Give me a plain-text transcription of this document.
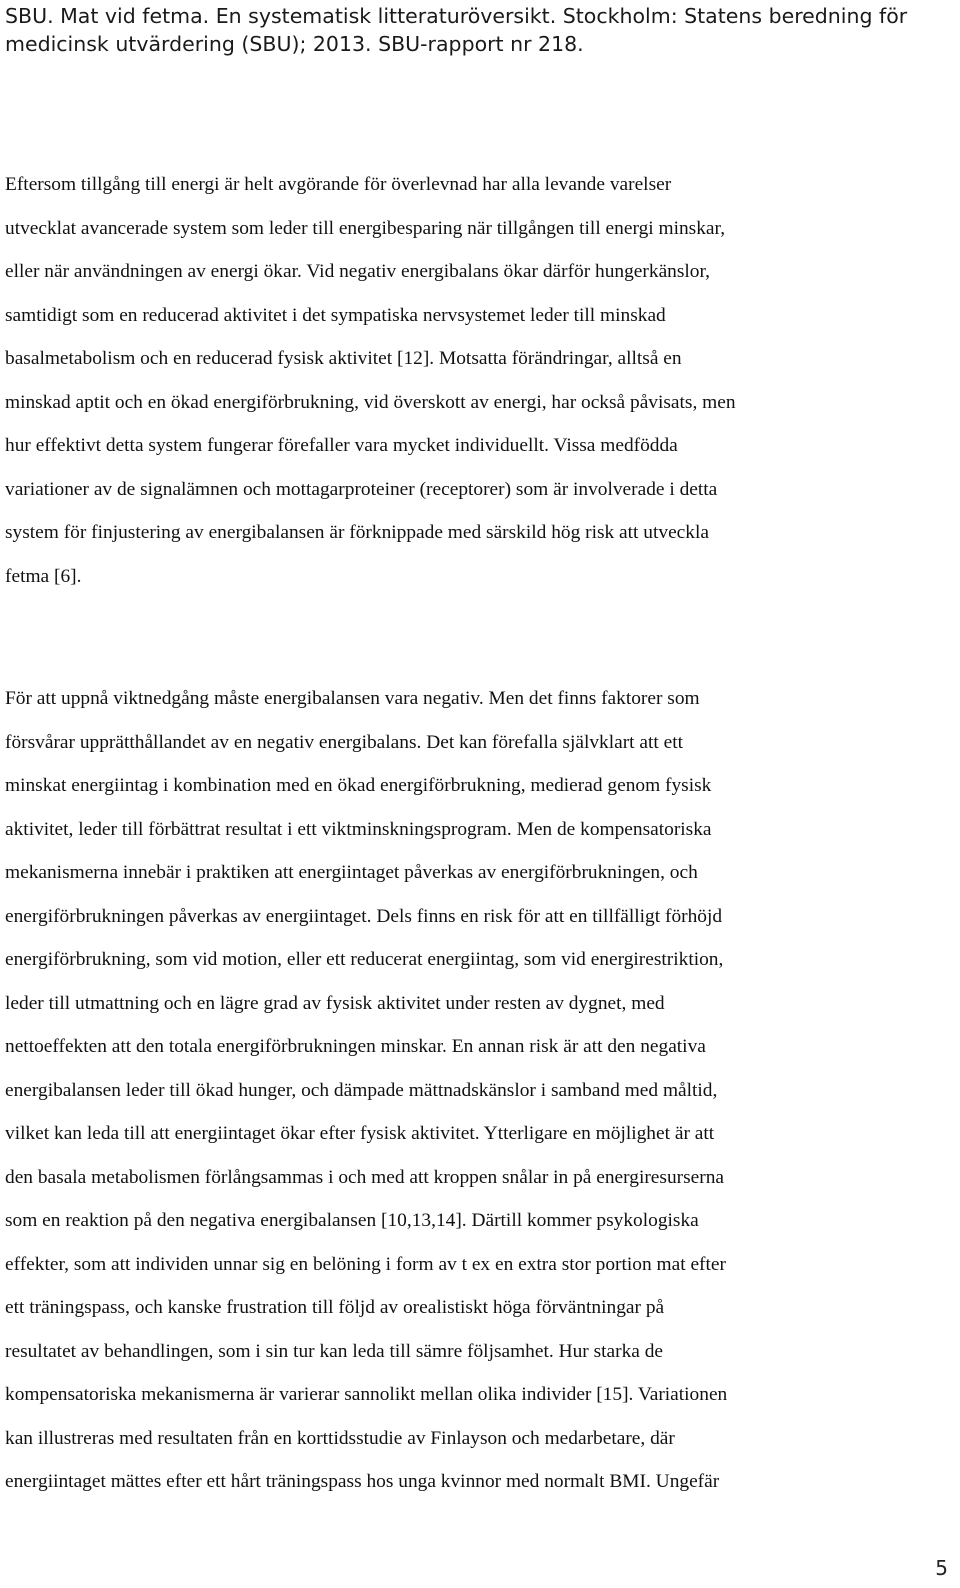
SBU. Mat vid fetma. En systematisk litteraturöversikt. Stockholm: Statens beredning för
medicinsk utvärdering (SBU); 2013. SBU-rapport nr 218.
Eftersom tillgång till energi är helt avgörande för överlevnad har alla levande varelser
utvecklat avancerade system som leder till energibesparing när tillgången till energi minskar,
eller när användningen av energi ökar. Vid negativ energibalans ökar därför hungerkänslor,
samtidigt som en reducerad aktivitet i det sympatiska nervsystemet leder till minskad
basalmetabolism och en reducerad fysisk aktivitet [12]. Motsatta förändringar, alltså en
minskad aptit och en ökad energiförbrukning, vid överskott av energi, har också påvisats, men
hur effektivt detta system fungerar förefaller vara mycket individuellt. Vissa medfödda
variationer av de signalämnen och mottagarproteiner (receptorer) som är involverade i detta
system för finjustering av energibalansen är förknippade med särskild hög risk att utveckla
fetma [6].
För att uppnå viktnedgång måste energibalansen vara negativ. Men det finns faktorer som
försvårar upprätthållandet av en negativ energibalans. Det kan förefalla självklart att ett
minskat energiintag i kombination med en ökad energiförbrukning, medierad genom fysisk
aktivitet, leder till förbättrat resultat i ett viktminskningsprogram. Men de kompensatoriska
mekanismerna innebär i praktiken att energiintaget påverkas av energiförbrukningen, och
energiförbrukningen påverkas av energiintaget. Dels finns en risk för att en tillfälligt förhöjd
energiförbrukning, som vid motion, eller ett reducerat energiintag, som vid energirestriktion,
leder till utmattning och en lägre grad av fysisk aktivitet under resten av dygnet, med
nettoeffekten att den totala energiförbrukningen minskar. En annan risk är att den negativa
energibalansen leder till ökad hunger, och dämpade mättnadskänslor i samband med måltid,
vilket kan leda till att energiintaget ökar efter fysisk aktivitet. Ytterligare en möjlighet är att
den basala metabolismen förlångsammas i och med att kroppen snålar in på energiresurserna
som en reaktion på den negativa energibalansen [10,13,14]. Därtill kommer psykologiska
effekter, som att individen unnar sig en belöning i form av t ex en extra stor portion mat efter
ett träningspass, och kanske frustration till följd av orealistiskt höga förväntningar på
resultatet av behandlingen, som i sin tur kan leda till sämre följsamhet. Hur starka de
kompensatoriska mekanismerna är varierar sannolikt mellan olika individer [15]. Variationen
kan illustreras med resultaten från en korttidsstudie av Finlayson och medarbetare, där
energiintaget mättes efter ett hårt träningspass hos unga kvinnor med normalt BMI. Ungefär
5
